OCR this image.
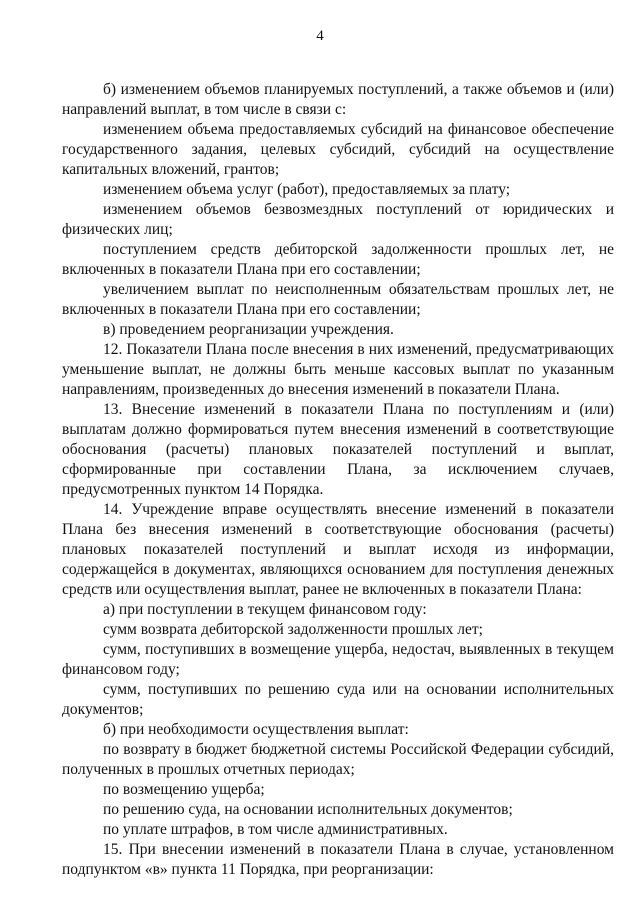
4

б) изменением объемов планируемых поступлений, а также объемов и (или) направлений выплат, в том числе в связи с:

изменением объема предоставляемых субсидий на финансовое обеспечение государственного задания, целевых субсидий, субсидий на осуществление капитальных вложений, грантов;

изменением объема услуг (работ), предоставляемых за плату;

изменением объемов безвозмездных поступлений от юридических и физических лиц;

поступлением средств дебиторской задолженности прошлых лет, не включенных в показатели Плана при его составлении;

увеличением выплат по неисполненным обязательствам прошлых лет, не включенных в показатели Плана при его составлении;

в) проведением реорганизации учреждения.

12. Показатели Плана после внесения в них изменений, предусматривающих уменьшение выплат, не должны быть меньше кассовых выплат по указанным направлениям, произведенных до внесения изменений в показатели Плана.

13. Внесение изменений в показатели Плана по поступлениям и (или) выплатам должно формироваться путем внесения изменений в соответствующие обоснования (расчеты) плановых показателей поступлений и выплат, сформированные при составлении Плана, за исключением случаев, предусмотренных пунктом 14 Порядка.

14. Учреждение вправе осуществлять внесение изменений в показатели Плана без внесения изменений в соответствующие обоснования (расчеты) плановых показателей поступлений и выплат исходя из информации, содержащейся в документах, являющихся основанием для поступления денежных средств или осуществления выплат, ранее не включенных в показатели Плана:

а) при поступлении в текущем финансовом году:

сумм возврата дебиторской задолженности прошлых лет;

сумм, поступивших в возмещение ущерба, недостач, выявленных в текущем финансовом году;

сумм, поступивших по решению суда или на основании исполнительных документов;

б) при необходимости осуществления выплат:

по возврату в бюджет бюджетной системы Российской Федерации субсидий, полученных в прошлых отчетных периодах;

по возмещению ущерба;

по решению суда, на основании исполнительных документов;

по уплате штрафов, в том числе административных.

15. При внесении изменений в показатели Плана в случае, установленном подпунктом «в» пункта 11 Порядка, при реорганизации:
